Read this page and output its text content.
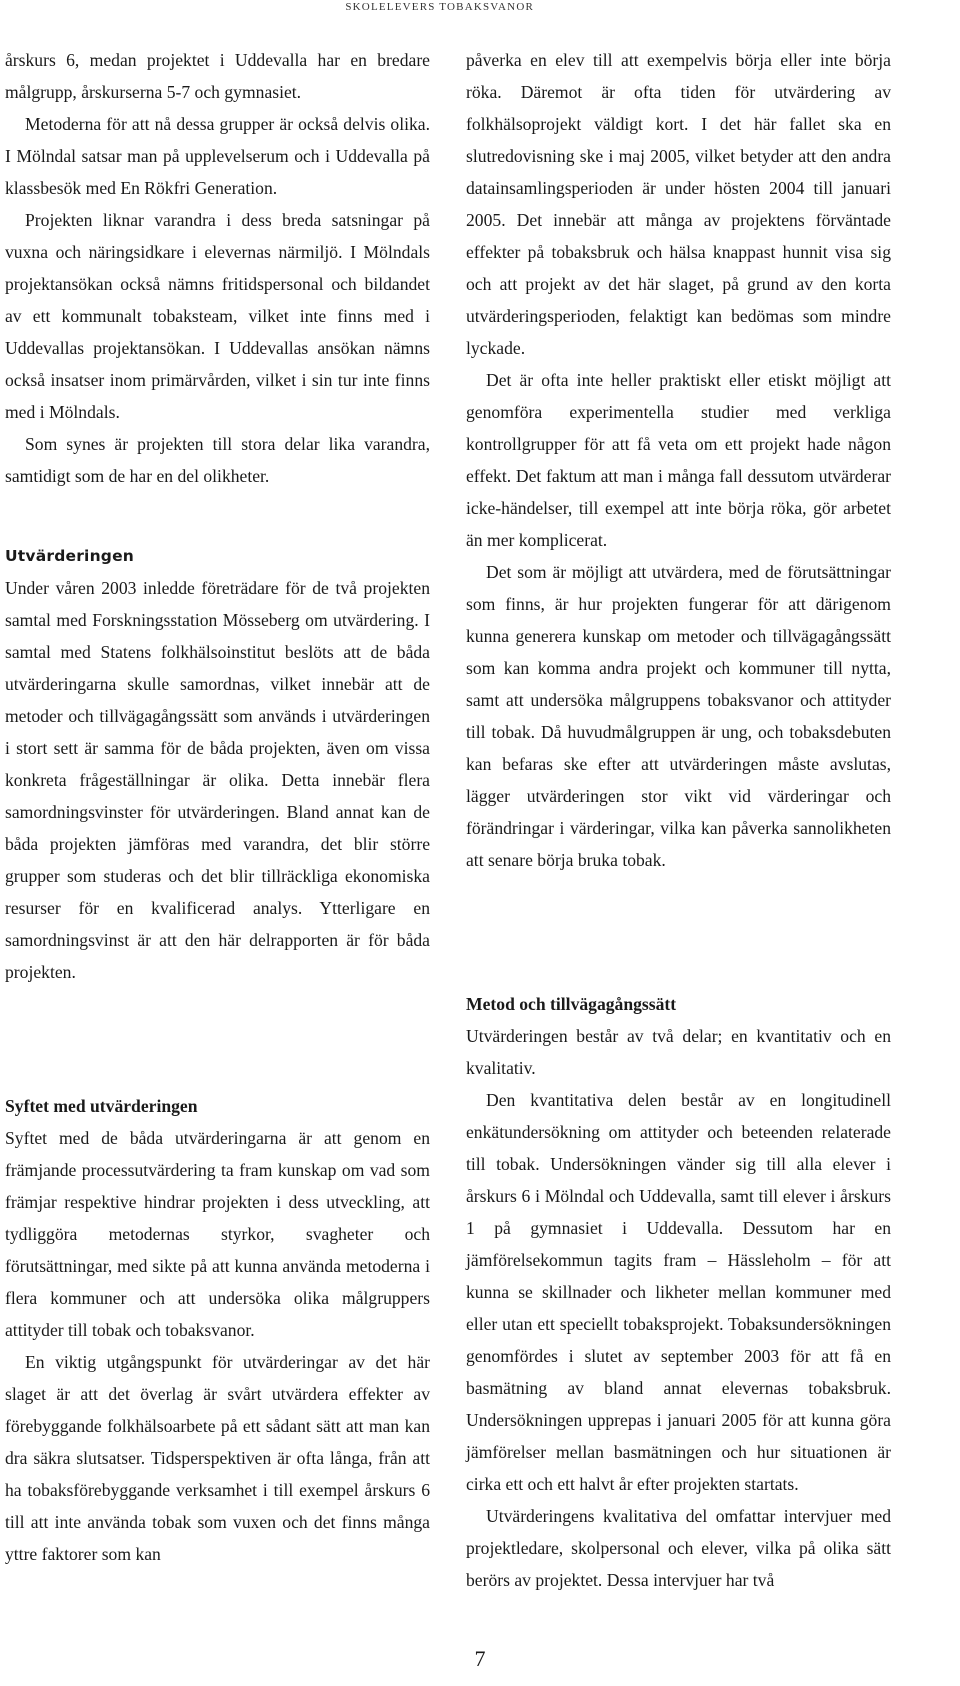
SKOLELEVERS TOBAKSVANOR

årskurs 6, medan projektet i Uddevalla har en bredare målgrupp, årskurserna 5-7 och gymnasiet.

Metoderna för att nå dessa grupper är också delvis olika. I Mölndal satsar man på upplevelserum och i Uddevalla på klassbesök med En Rökfri Generation.

Projekten liknar varandra i dess breda satsningar på vuxna och näringsidkare i elevernas närmiljö. I Mölndals projektansökan också nämns fritidspersonal och bildandet av ett kommunalt tobaksteam, vilket inte finns med i Uddevallas projektansökan. I Uddevallas ansökan nämns också insatser inom primärvården, vilket i sin tur inte finns med i Mölndals.

Som synes är projekten till stora delar lika varandra, samtidigt som de har en del olikheter.

Utvärderingen

Under våren 2003 inledde företrädare för de två projekten samtal med Forskningsstation Mösseberg om utvärdering. I samtal med Statens folkhälsoinstitut beslöts att de båda utvärderingarna skulle samordnas, vilket innebär att de metoder och tillvägagångssätt som används i utvärderingen i stort sett är samma för de båda projekten, även om vissa konkreta frågeställningar är olika. Detta innebär flera samordningsvinster för utvärderingen. Bland annat kan de båda projekten jämföras med varandra, det blir större grupper som studeras och det blir tillräckliga ekonomiska resurser för en kvalificerad analys. Ytterligare en samordningsvinst är att den här delrapporten är för båda projekten.

Syftet med utvärderingen

Syftet med de båda utvärderingarna är att genom en främjande processutvärdering ta fram kunskap om vad som främjar respektive hindrar projekten i dess utveckling, att tydliggöra metodernas styrkor, svagheter och förutsättningar, med sikte på att kunna använda metoderna i flera kommuner och att undersöka olika målgruppers attityder till tobak och tobaksvanor.

En viktig utgångspunkt för utvärderingar av det här slaget är att det överlag är svårt utvärdera effekter av förebyggande folkhälsoarbete på ett sådant sätt att man kan dra säkra slutsatser. Tidsperspektiven är ofta långa, från att ha tobaksförebyggande verksamhet i till exempel årskurs 6 till att inte använda tobak som vuxen och det finns många yttre faktorer som kan

påverka en elev till att exempelvis börja eller inte börja röka. Däremot är ofta tiden för utvärdering av folkhälsoprojekt väldigt kort. I det här fallet ska en slutredovisning ske i maj 2005, vilket betyder att den andra datainsamlingsperioden är under hösten 2004 till januari 2005. Det innebär att många av projektens förväntade effekter på tobaksbruk och hälsa knappast hunnit visa sig och att projekt av det här slaget, på grund av den korta utvärderingsperioden, felaktigt kan bedömas som mindre lyckade.

Det är ofta inte heller praktiskt eller etiskt möjligt att genomföra experimentella studier med verkliga kontrollgrupper för att få veta om ett projekt hade någon effekt. Det faktum att man i många fall dessutom utvärderar icke-händelser, till exempel att inte börja röka, gör arbetet än mer komplicerat.

Det som är möjligt att utvärdera, med de förutsättningar som finns, är hur projekten fungerar för att därigenom kunna generera kunskap om metoder och tillvägagångssätt som kan komma andra projekt och kommuner till nytta, samt att undersöka målgruppens tobaksvanor och attityder till tobak. Då huvudmålgruppen är ung, och tobaksdebuten kan befaras ske efter att utvärderingen måste avslutas, lägger utvärderingen stor vikt vid värderingar och förändringar i värderingar, vilka kan påverka sannolikheten att senare börja bruka tobak.

Metod och tillvägagångssätt

Utvärderingen består av två delar; en kvantitativ och en kvalitativ.

Den kvantitativa delen består av en longitudinell enkätundersökning om attityder och beteenden relaterade till tobak. Undersökningen vänder sig till alla elever i årskurs 6 i Mölndal och Uddevalla, samt till elever i årskurs 1 på gymnasiet i Uddevalla. Dessutom har en jämförelsekommun tagits fram – Hässleholm – för att kunna se skillnader och likheter mellan kommuner med eller utan ett speciellt tobaksprojekt. Tobaksundersökningen genomfördes i slutet av september 2003 för att få en basmätning av bland annat elevernas tobaksbruk. Undersökningen upprepas i januari 2005 för att kunna göra jämförelser mellan basmätningen och hur situationen är cirka ett och ett halvt år efter projekten startats.

Utvärderingens kvalitativa del omfattar intervjuer med projektledare, skolpersonal och elever, vilka på olika sätt berörs av projektet. Dessa intervjuer har två

7
